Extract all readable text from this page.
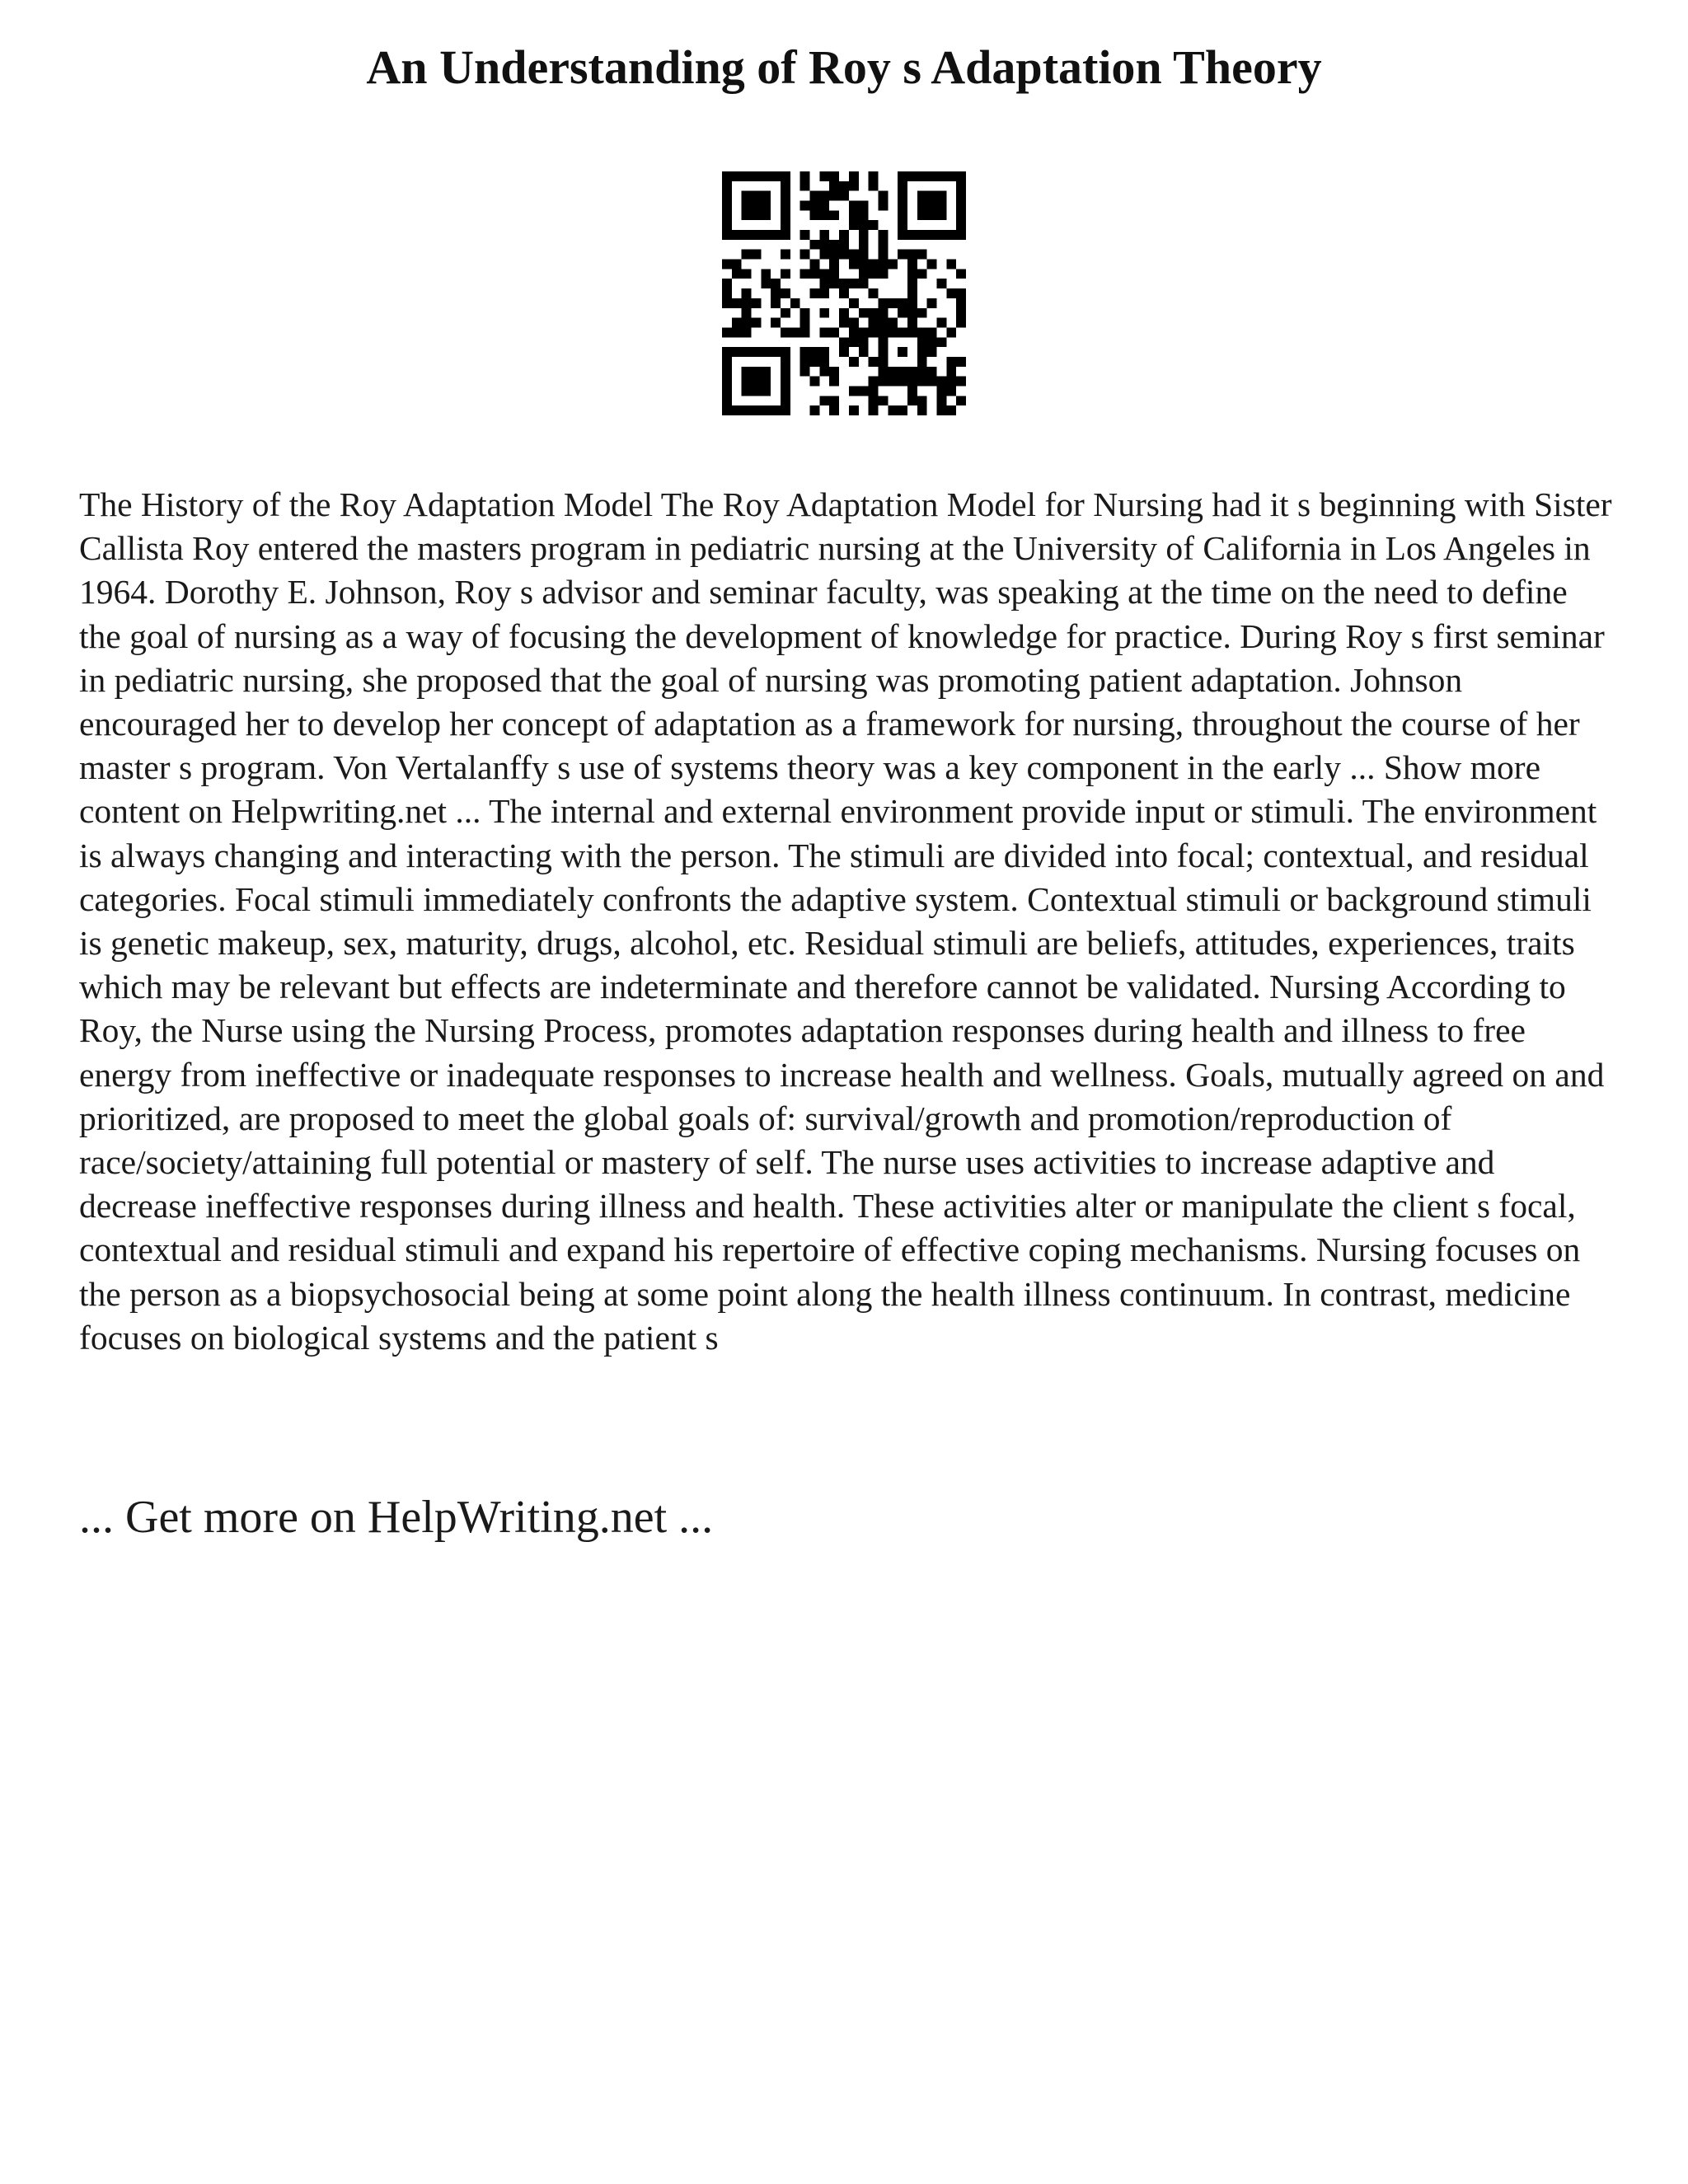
An Understanding of Roy s Adaptation Theory

The History of the Roy Adaptation Model The Roy Adaptation Model for Nursing had it s beginning with Sister Callista Roy entered the masters program in pediatric nursing at the University of California in Los Angeles in 1964. Dorothy E. Johnson, Roy s advisor and seminar faculty, was speaking at the time on the need to define the goal of nursing as a way of focusing the development of knowledge for practice. During Roy s first seminar in pediatric nursing, she proposed that the goal of nursing was promoting patient adaptation. Johnson encouraged her to develop her concept of adaptation as a framework for nursing, throughout the course of her master s program. Von Vertalanffy s use of systems theory was a key component in the early ... Show more content on Helpwriting.net ... The internal and external environment provide input or stimuli. The environment is always changing and interacting with the person. The stimuli are divided into focal; contextual, and residual categories. Focal stimuli immediately confronts the adaptive system. Contextual stimuli or background stimuli is genetic makeup, sex, maturity, drugs, alcohol, etc. Residual stimuli are beliefs, attitudes, experiences, traits which may be relevant but effects are indeterminate and therefore cannot be validated. Nursing According to Roy, the Nurse using the Nursing Process, promotes adaptation responses during health and illness to free energy from ineffective or inadequate responses to increase health and wellness. Goals, mutually agreed on and prioritized, are proposed to meet the global goals of: survival/growth and promotion/reproduction of race/society/attaining full potential or mastery of self. The nurse uses activities to increase adaptive and decrease ineffective responses during illness and health. These activities alter or manipulate the client s focal, contextual and residual stimuli and expand his repertoire of effective coping mechanisms. Nursing focuses on the person as a biopsychosocial being at some point along the health illness continuum. In contrast, medicine focuses on biological systems and the patient s

... Get more on HelpWriting.net ...
